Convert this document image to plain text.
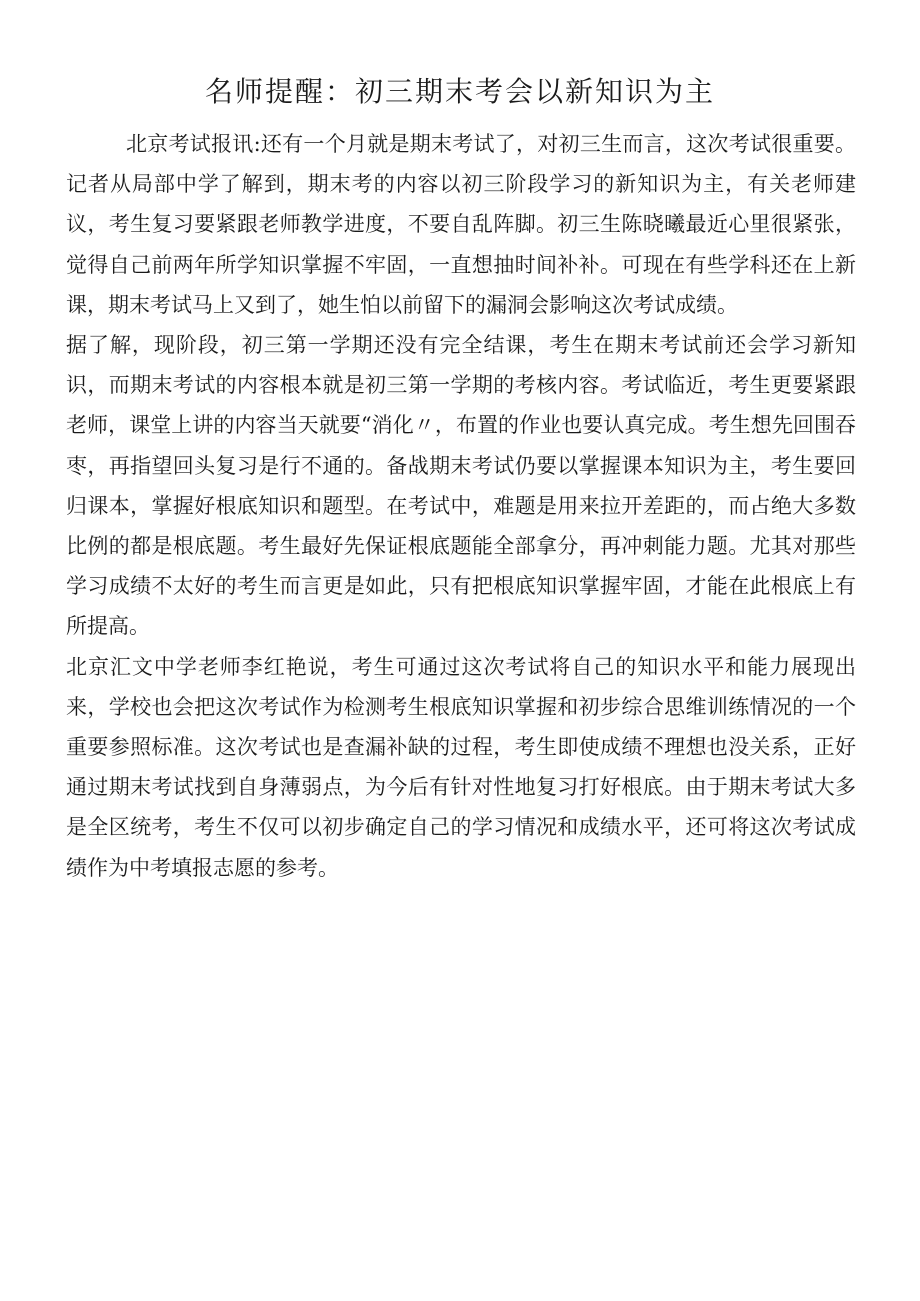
名师提醒：初三期末考会以新知识为主

北京考试报讯:还有一个月就是期末考试了，对初三生而言，这次考试很重要。记者从局部中学了解到，期末考的内容以初三阶段学习的新知识为主，有关老师建议，考生复习要紧跟老师教学进度，不要自乱阵脚。初三生陈晓曦最近心里很紧张，觉得自己前两年所学知识掌握不牢固，一直想抽时间补补。可现在有些学科还在上新课，期末考试马上又到了，她生怕以前留下的漏洞会影响这次考试成绩。

据了解，现阶段，初三第一学期还没有完全结课，考生在期末考试前还会学习新知识，而期末考试的内容根本就是初三第一学期的考核内容。考试临近，考生更要紧跟老师，课堂上讲的内容当天就要“消化〃，布置的作业也要认真完成。考生想先回围吞枣，再指望回头复习是行不通的。备战期末考试仍要以掌握课本知识为主，考生要回归课本，掌握好根底知识和题型。在考试中，难题是用来拉开差距的，而占绝大多数比例的都是根底题。考生最好先保证根底题能全部拿分，再冲刺能力题。尤其对那些学习成绩不太好的考生而言更是如此，只有把根底知识掌握牢固，才能在此根底上有所提高。

北京汇文中学老师李红艳说，考生可通过这次考试将自己的知识水平和能力展现出来，学校也会把这次考试作为检测考生根底知识掌握和初步综合思维训练情况的一个重要参照标准。这次考试也是查漏补缺的过程，考生即使成绩不理想也没关系，正好通过期末考试找到自身薄弱点，为今后有针对性地复习打好根底。由于期末考试大多是全区统考，考生不仅可以初步确定自己的学习情况和成绩水平，还可将这次考试成绩作为中考填报志愿的参考。
